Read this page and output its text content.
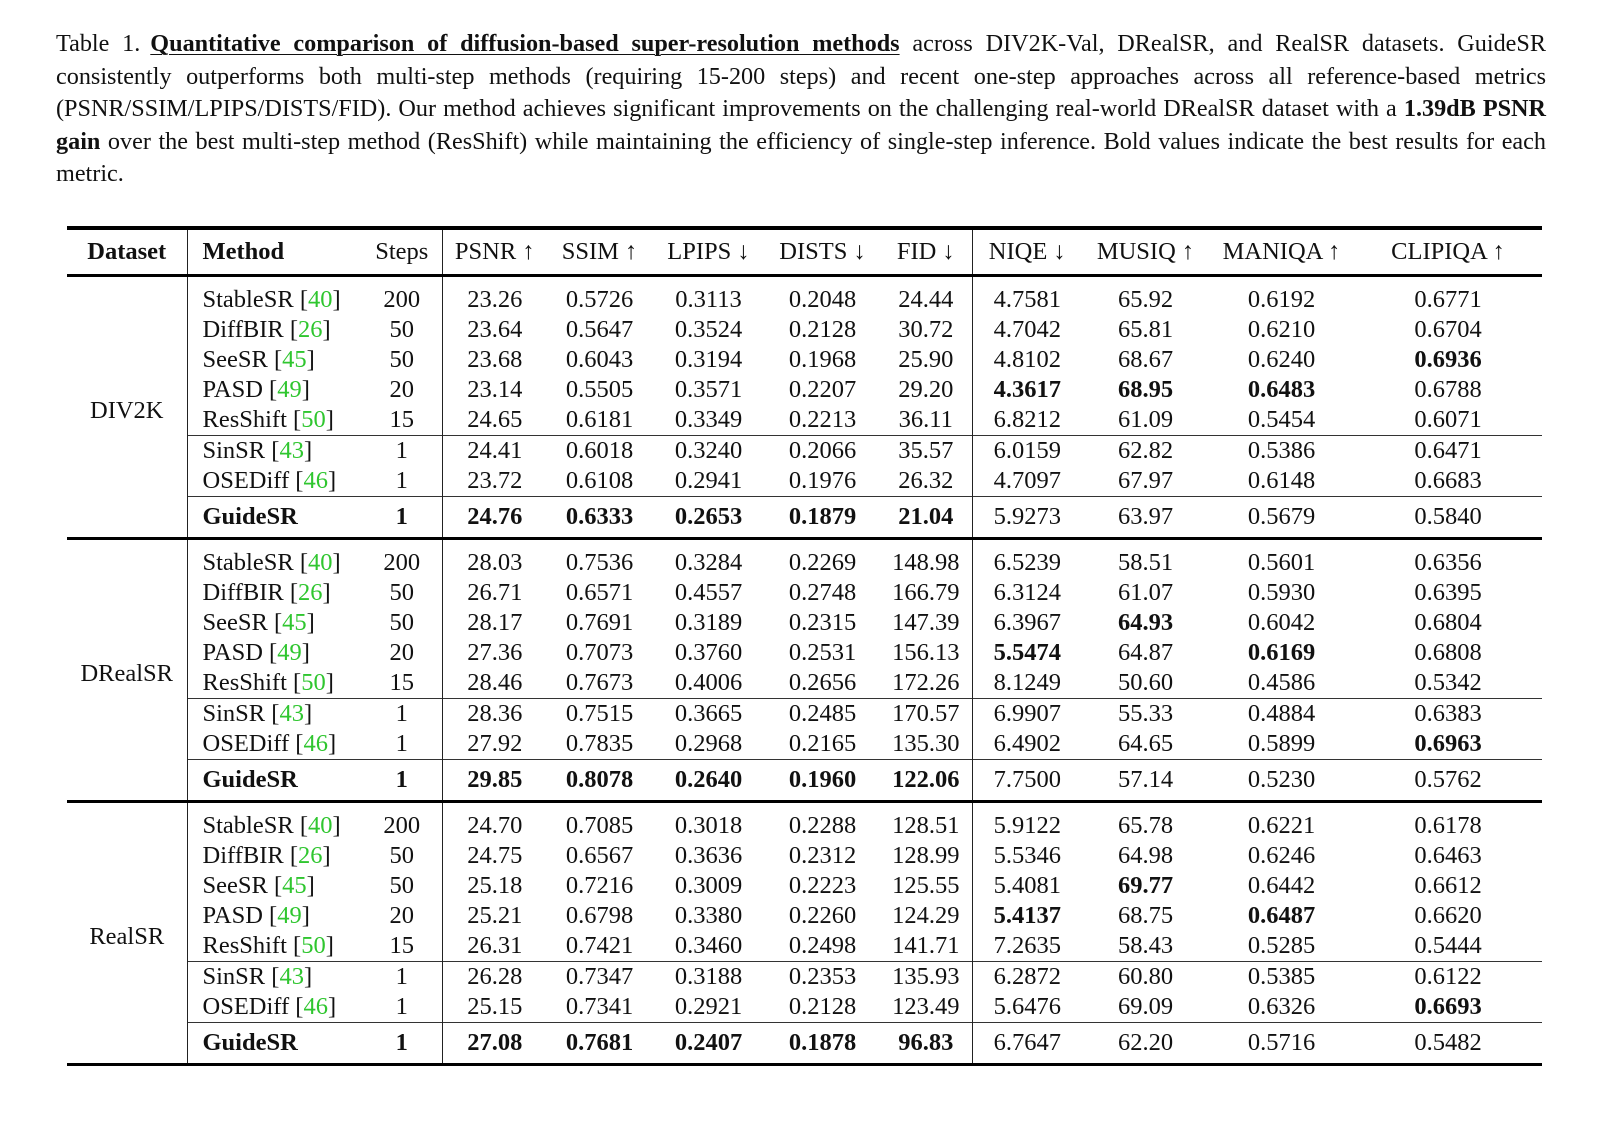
Table 1. Quantitative comparison of diffusion-based super-resolution methods across DIV2K-Val, DRealSR, and RealSR datasets. GuideSR consistently outperforms both multi-step methods (requiring 15-200 steps) and recent one-step approaches across all reference-based metrics (PSNR/SSIM/LPIPS/DISTS/FID). Our method achieves significant improvements on the challenging real-world DRealSR dataset with a 1.39dB PSNR gain over the best multi-step method (ResShift) while maintaining the efficiency of single-step inference. Bold values indicate the best results for each metric.

Dataset	Method	Steps	PSNR ↑	SSIM ↑	LPIPS ↓	DISTS ↓	FID ↓	NIQE ↓	MUSIQ ↑	MANIQA ↑	CLIPIQA ↑
DIV2K	StableSR [40]	200	23.26	0.5726	0.3113	0.2048	24.44	4.7581	65.92	0.6192	0.6771
	DiffBIR [26]	50	23.64	0.5647	0.3524	0.2128	30.72	4.7042	65.81	0.6210	0.6704
	SeeSR [45]	50	23.68	0.6043	0.3194	0.1968	25.90	4.8102	68.67	0.6240	0.6936
	PASD [49]	20	23.14	0.5505	0.3571	0.2207	29.20	4.3617	68.95	0.6483	0.6788
	ResShift [50]	15	24.65	0.6181	0.3349	0.2213	36.11	6.8212	61.09	0.5454	0.6071
	SinSR [43]	1	24.41	0.6018	0.3240	0.2066	35.57	6.0159	62.82	0.5386	0.6471
	OSEDiff [46]	1	23.72	0.6108	0.2941	0.1976	26.32	4.7097	67.97	0.6148	0.6683
	GuideSR	1	24.76	0.6333	0.2653	0.1879	21.04	5.9273	63.97	0.5679	0.5840
DRealSR	StableSR [40]	200	28.03	0.7536	0.3284	0.2269	148.98	6.5239	58.51	0.5601	0.6356
	DiffBIR [26]	50	26.71	0.6571	0.4557	0.2748	166.79	6.3124	61.07	0.5930	0.6395
	SeeSR [45]	50	28.17	0.7691	0.3189	0.2315	147.39	6.3967	64.93	0.6042	0.6804
	PASD [49]	20	27.36	0.7073	0.3760	0.2531	156.13	5.5474	64.87	0.6169	0.6808
	ResShift [50]	15	28.46	0.7673	0.4006	0.2656	172.26	8.1249	50.60	0.4586	0.5342
	SinSR [43]	1	28.36	0.7515	0.3665	0.2485	170.57	6.9907	55.33	0.4884	0.6383
	OSEDiff [46]	1	27.92	0.7835	0.2968	0.2165	135.30	6.4902	64.65	0.5899	0.6963
	GuideSR	1	29.85	0.8078	0.2640	0.1960	122.06	7.7500	57.14	0.5230	0.5762
RealSR	StableSR [40]	200	24.70	0.7085	0.3018	0.2288	128.51	5.9122	65.78	0.6221	0.6178
	DiffBIR [26]	50	24.75	0.6567	0.3636	0.2312	128.99	5.5346	64.98	0.6246	0.6463
	SeeSR [45]	50	25.18	0.7216	0.3009	0.2223	125.55	5.4081	69.77	0.6442	0.6612
	PASD [49]	20	25.21	0.6798	0.3380	0.2260	124.29	5.4137	68.75	0.6487	0.6620
	ResShift [50]	15	26.31	0.7421	0.3460	0.2498	141.71	7.2635	58.43	0.5285	0.5444
	SinSR [43]	1	26.28	0.7347	0.3188	0.2353	135.93	6.2872	60.80	0.5385	0.6122
	OSEDiff [46]	1	25.15	0.7341	0.2921	0.2128	123.49	5.6476	69.09	0.6326	0.6693
	GuideSR	1	27.08	0.7681	0.2407	0.1878	96.83	6.7647	62.20	0.5716	0.5482
